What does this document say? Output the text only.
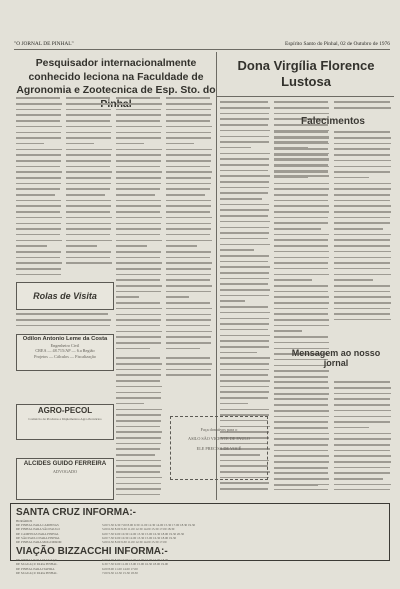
"O JORNAL DE PINHAL"	Espírito Santo do Pinhal, 02 de Outubro de 1976
Pesquisador internacionalmente conhecido leciona na Faculdade de Agronomia e Zootecnica de Esp. Sto. do
Dona Virgília Florence Lustosa
Falecimentos
Mensagem ao nosso jornal
Rolas de Visita
Odilon Antonio Leme da Costa
Engenheiro Civil
CREA — 48.715/AP — 6.a Região
Projetos — Cálculos — Fiscalização
AGRO-PECOL
Comércio de Produtos e Implementos Agro-Pecuários
ALCIDES GUIDO FERREIRA
ADVOGADO
Faça donativos para o
ASILO SÃO VICENTE DE PAULO
ELE PRECISA DE VOCÊ
SANTA CRUZ INFORMA:-
HORÁRIOS
DE PINHAL PARA CAMPINAS	5.00 5.30 6.30 7.00 8.00 9.30 11.00 12.30 14.00 15.30 17.00 18.30 19.30
DE PINHAL PARA SÃO PAULO	5.00 6.30 8.00 9.30 11.00 12.30 14.00 15.30 17.00 18.30
DE CAMPINAS PARA PINHAL	6.00 7.30 9.00 10.30 12.00 13.30 15.00 16.30 18.00 19.30 20.30
DE SÃO PAULO PARA PINHAL	6.00 7.30 9.00 10.30 12.00 13.30 15.00 16.30 18.00 19.30
DE PINHAL PARA MOGI MIRIM	5.00 6.30 8.00 9.30 11.00 12.30 14.00 15.30 17.00
VIAÇÃO BIZZACCHI INFORMA:-
DE PINHAL PARA M.GUAÇU	6.00 7.00 8.00 10.00 12.00 14.00 16.00 17.00 18.00
DE M.GUAÇU PARA PINHAL	6.30 7.30 9.00 11.00 13.00 15.00 16.30 18.00 19.00
DE PINHAL PARA ITAPIRA	6.00 8.00 11.00 14.00 17.00
DE M.GUAÇU PARA PINHAL	7.00 9.30 12.30 15.30 18.30
